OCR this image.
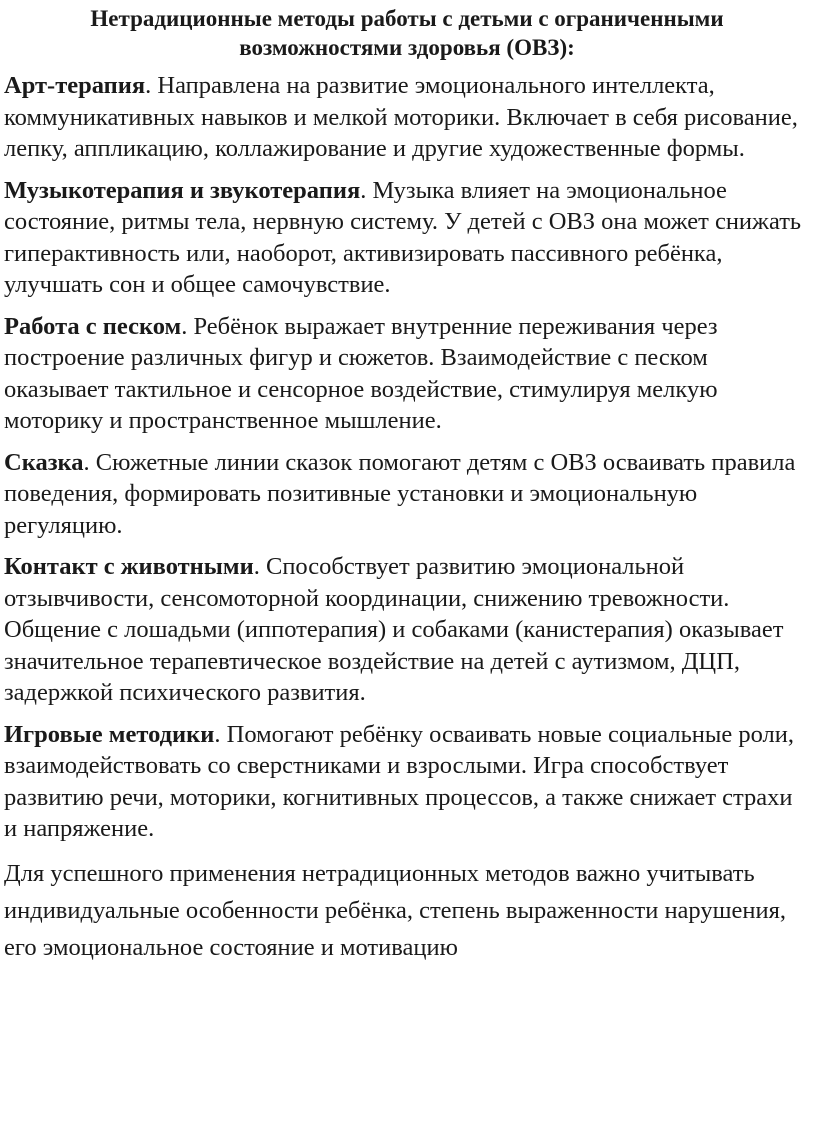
Нетрадиционные методы работы с детьми с ограниченными возможностями здоровья (ОВЗ):

Арт-терапия. Направлена на развитие эмоционального интеллекта, коммуникативных навыков и мелкой моторики. Включает в себя рисование, лепку, аппликацию, коллажирование и другие художественные формы.

Музыкотерапия и звукотерапия. Музыка влияет на эмоциональное состояние, ритмы тела, нервную систему. У детей с ОВЗ она может снижать гиперактивность или, наоборот, активизировать пассивного ребёнка, улучшать сон и общее самочувствие.

Работа с песком. Ребёнок выражает внутренние переживания через построение различных фигур и сюжетов. Взаимодействие с песком оказывает тактильное и сенсорное воздействие, стимулируя мелкую моторику и пространственное мышление.

Сказка. Сюжетные линии сказок помогают детям с ОВЗ осваивать правила поведения, формировать позитивные установки и эмоциональную регуляцию.

Контакт с животными. Способствует развитию эмоциональной отзывчивости, сенсомоторной координации, снижению тревожности. Общение с лошадьми (иппотерапия) и собаками (канистерапия) оказывает значительное терапевтическое воздействие на детей с аутизмом, ДЦП, задержкой психического развития.

Игровые методики. Помогают ребёнку осваивать новые социальные роли, взаимодействовать со сверстниками и взрослыми. Игра способствует развитию речи, моторики, когнитивных процессов, а также снижает страхи и напряжение.

Для успешного применения нетрадиционных методов важно учитывать индивидуальные особенности ребёнка, степень выраженности нарушения, его эмоциональное состояние и мотивацию
